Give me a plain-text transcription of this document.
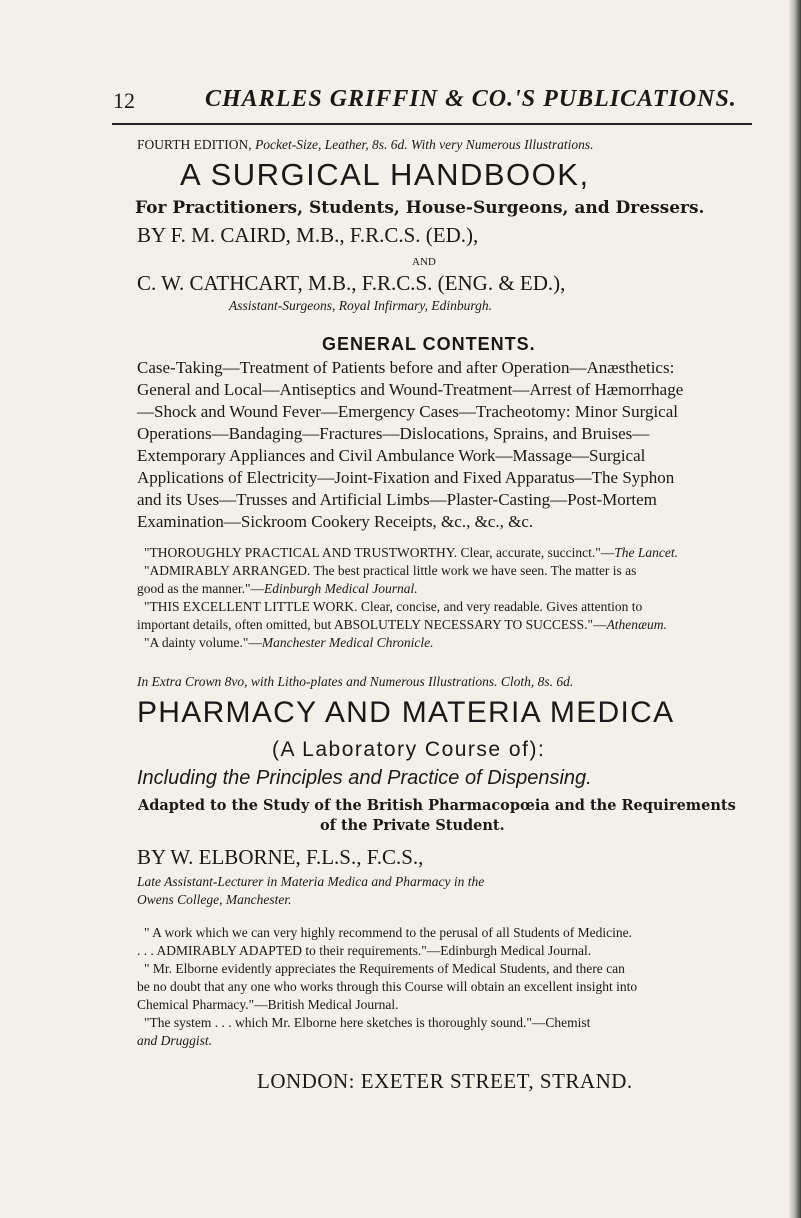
12	CHARLES GRIFFIN & CO.'S PUBLICATIONS.
FOURTH EDITION, Pocket-Size, Leather, 8s. 6d. With very Numerous Illustrations.
A SURGICAL HANDBOOK,
For Practitioners, Students, House-Surgeons, and Dressers.
BY F. M. CAIRD, M.B., F.R.C.S. (ED.),
AND
C. W. CATHCART, M.B., F.R.C.S. (ENG. & ED.),
Assistant-Surgeons, Royal Infirmary, Edinburgh.
GENERAL CONTENTS.
Case-Taking—Treatment of Patients before and after Operation—Anæsthetics:
General and Local—Antiseptics and Wound-Treatment—Arrest of Hæmorrhage
—Shock and Wound Fever—Emergency Cases—Tracheotomy: Minor Surgical
Operations—Bandaging—Fractures—Dislocations, Sprains, and Bruises—
Extemporary Appliances and Civil Ambulance Work—Massage—Surgical
Applications of Electricity—Joint-Fixation and Fixed Apparatus—The Syphon
and its Uses—Trusses and Artificial Limbs—Plaster-Casting—Post-Mortem
Examination—Sickroom Cookery Receipts, &c., &c., &c.
"THOROUGHLY PRACTICAL AND TRUSTWORTHY. Clear, accurate, succinct."—The Lancet.
"ADMIRABLY ARRANGED. The best practical little work we have seen. The matter is as
good as the manner."—Edinburgh Medical Journal.
"THIS EXCELLENT LITTLE WORK. Clear, concise, and very readable. Gives attention to
important details, often omitted, but ABSOLUTELY NECESSARY TO SUCCESS."—Athenæum.
"A dainty volume."—Manchester Medical Chronicle.
In Extra Crown 8vo, with Litho-plates and Numerous Illustrations. Cloth, 8s. 6d.
PHARMACY AND MATERIA MEDICA
(A Laboratory Course of):
Including the Principles and Practice of Dispensing.
Adapted to the Study of the British Pharmacopœia and the Requirements
of the Private Student.
BY W. ELBORNE, F.L.S., F.C.S.,
Late Assistant-Lecturer in Materia Medica and Pharmacy in the
Owens College, Manchester.
" A work which we can very highly recommend to the perusal of all Students of Medicine.
. . . ADMIRABLY ADAPTED to their requirements."—Edinburgh Medical Journal.
" Mr. Elborne evidently appreciates the Requirements of Medical Students, and there can
be no doubt that any one who works through this Course will obtain an excellent insight into
Chemical Pharmacy."—British Medical Journal.
"The system . . . which Mr. Elborne here sketches is thoroughly sound."—Chemist
and Druggist.
LONDON: EXETER STREET, STRAND.
